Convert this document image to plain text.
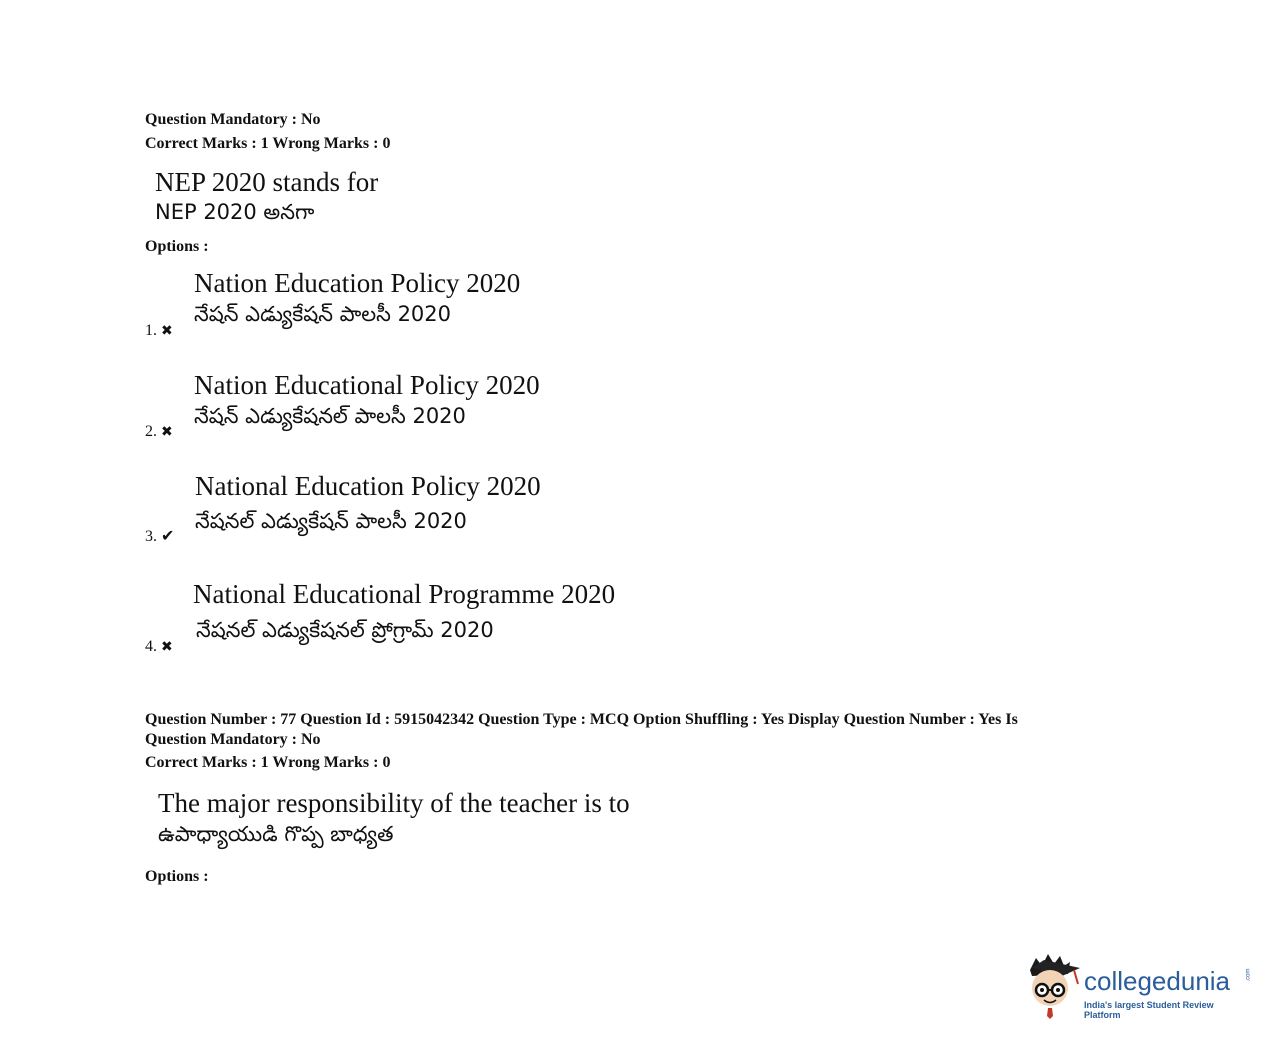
Question Mandatory : No
Correct Marks : 1 Wrong Marks : 0
NEP 2020 stands for
NEP 2020 అనగా
Options :
Nation Education Policy 2020
నేషన్ ఎడ్యుకేషన్ పాలసీ 2020
1. ✖
Nation Educational Policy 2020
నేషన్ ఎడ్యుకేషనల్ పాలసీ 2020
2. ✖
National Education Policy 2020
నేషనల్ ఎడ్యుకేషన్ పాలసీ 2020
3. ✔
National Educational Programme 2020
నేషనల్ ఎడ్యుకేషనల్ ప్రోగ్రామ్ 2020
4. ✖
Question Number : 77 Question Id : 5915042342 Question Type : MCQ Option Shuffling : Yes Display Question Number : Yes Is
Question Mandatory : No
Correct Marks : 1 Wrong Marks : 0
The major responsibility of the teacher is to
ఉపాధ్యాయుడి గొప్ప బాధ్యత
Options :
collegedunia	.com
India's largest Student Review Platform
